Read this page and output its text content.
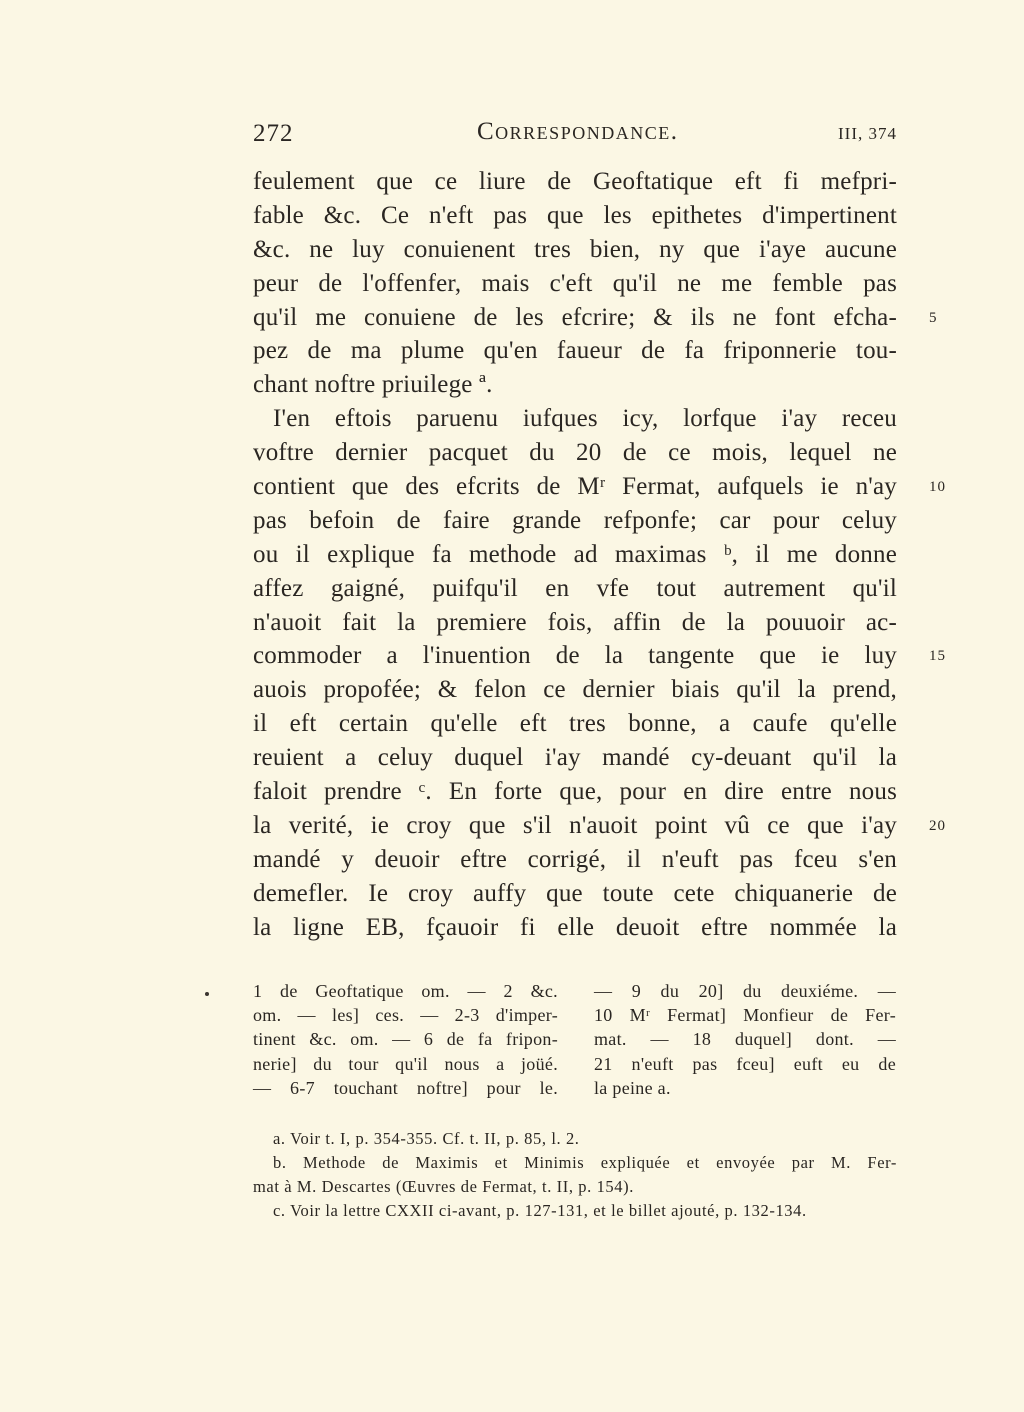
272	Correspondance.	III, 374
feulement que ce liure de Geoftatique eft fi mefpri-
fable &c. Ce n'eft pas que les epithetes d'impertinent
&c. ne luy conuienent tres bien, ny que i'aye aucune
peur de l'offenfer, mais c'eft qu'il ne me femble pas
qu'il me conuiene de les efcrire; & ils ne font efcha- 5
pez de ma plume qu'en faueur de fa friponnerie tou-
chant noftre priuilege ª.
I'en eftois paruenu iufques icy, lorfque i'ay receu
voftre dernier pacquet du 20 de ce mois, lequel ne
contient que des efcrits de Mʳ Fermat, aufquels ie n'ay 10
pas befoin de faire grande refponfe; car pour celuy
ou il explique fa methode ad maximas ᵇ, il me donne
affez gaigné, puifqu'il en vfe tout autrement qu'il
n'auoit fait la premiere fois, affin de la pouuoir ac-
commoder a l'inuention de la tangente que ie luy 15
auois propofée; & felon ce dernier biais qu'il la prend,
il eft certain qu'elle eft tres bonne, a caufe qu'elle
reuient a celuy duquel i'ay mandé cy-deuant qu'il la
faloit prendre ᶜ. En forte que, pour en dire entre nous
la verité, ie croy que s'il n'auoit point vû ce que i'ay 20
mandé y deuoir eftre corrigé, il n'euft pas fceu s'en
demefler. Ie croy auffy que toute cete chiquanerie de
la ligne EB, fçauoir fi elle deuoit eftre nommée la
1 de Geoftatique om. — 2 &c.
om. — les] ces. — 2-3 d'imper-
tinent &c. om. — 6 de fa fripon-
nerie] du tour qu'il nous a joüé.
— 6-7 touchant noftre] pour le.
— 9 du 20] du deuxiéme. —
10 Mʳ Fermat] Monfieur de Fer-
mat. — 18 duquel] dont. —
21 n'euft pas fceu] euft eu de
la peine a.
a. Voir t. I, p. 354-355. Cf. t. II, p. 85, l. 2.
b. Methode de Maximis et Minimis expliquée et envoyée par M. Fer-
mat à M. Descartes (Œuvres de Fermat, t. II, p. 154).
c. Voir la lettre CXXII ci-avant, p. 127-131, et le billet ajouté, p. 132-134.
